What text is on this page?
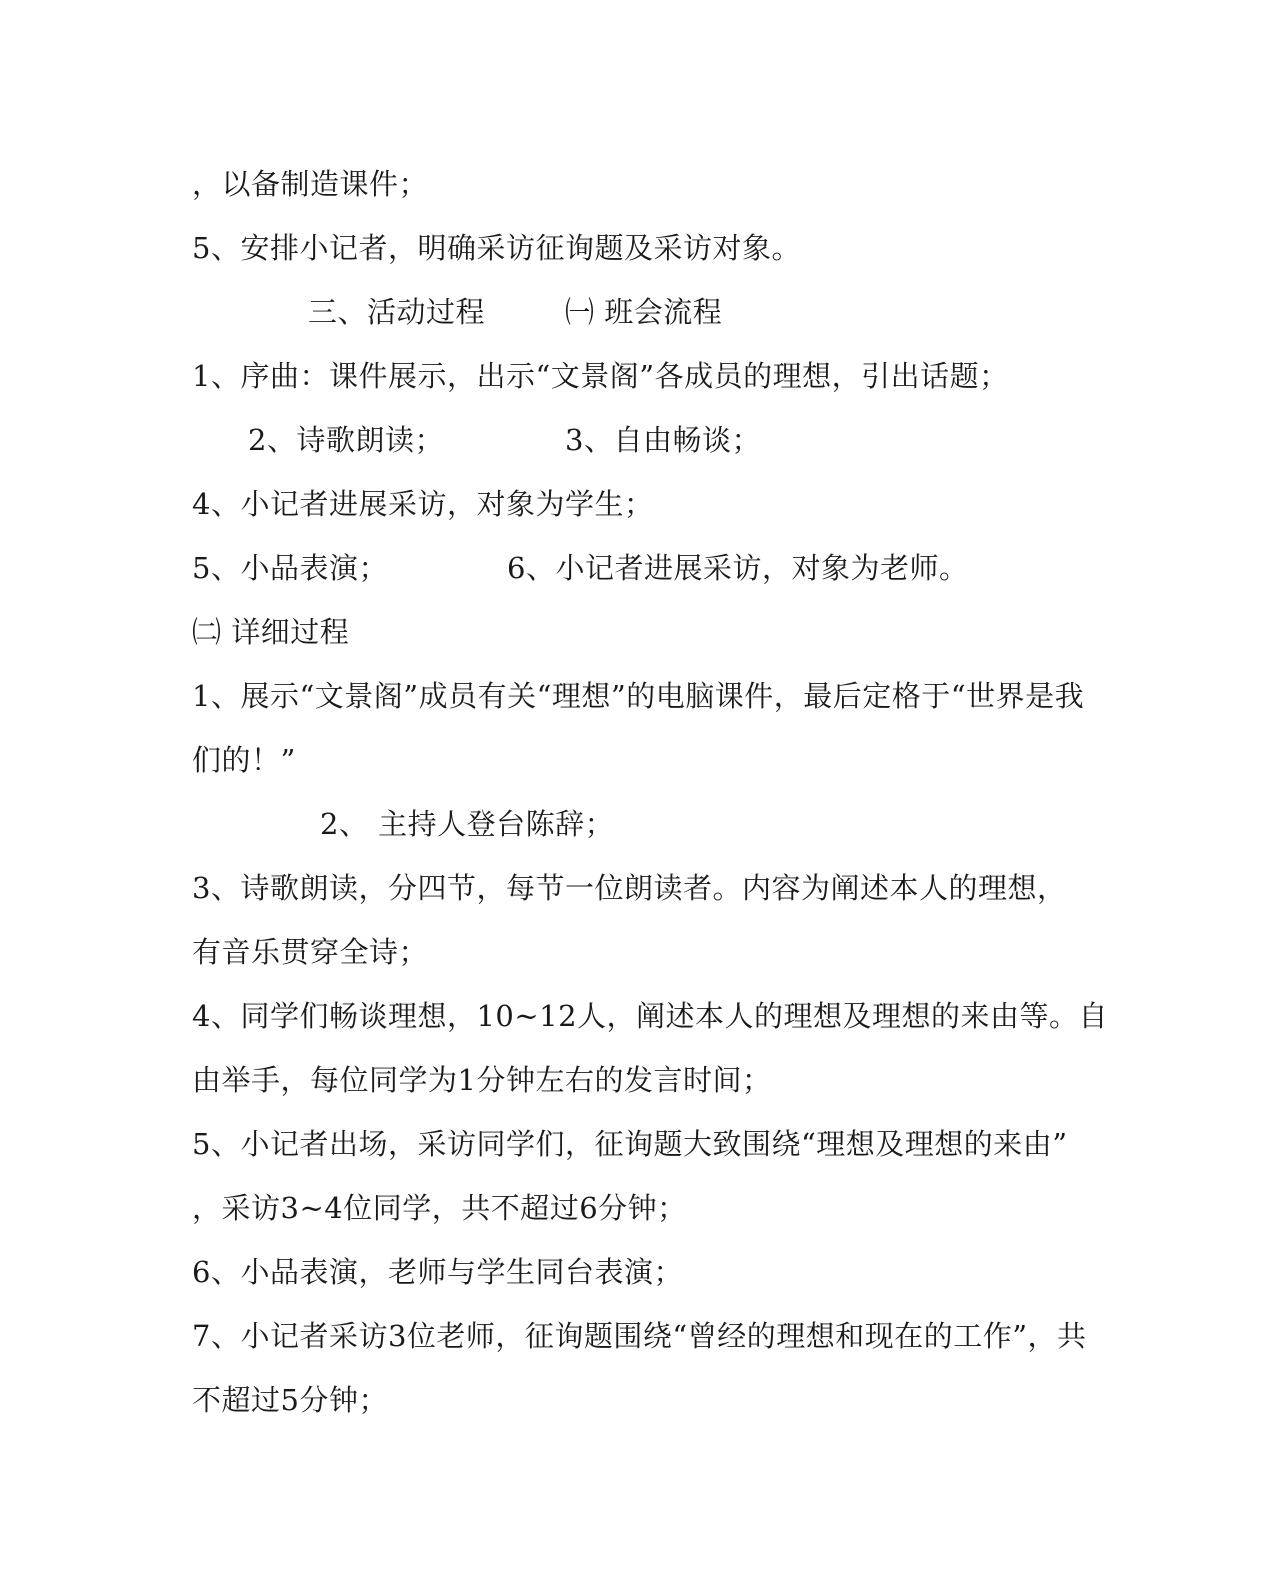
，以备制造课件；
5、安排小记者，明确采访征询题及采访对象。
三、活动过程	㈠ 班会流程
1、序曲：课件展示，出示“文景阁”各成员的理想，引出话题；
2、诗歌朗读；	3、自由畅谈；
4、小记者进展采访，对象为学生；
5、小品表演；	6、小记者进展采访，对象为老师。
㈡ 详细过程
1、展示“文景阁”成员有关“理想”的电脑课件，最后定格于“世界是我
们的！”
2、 主持人登台陈辞；
3、诗歌朗读，分四节，每节一位朗读者。内容为阐述本人的理想，
有音乐贯穿全诗；
4、同学们畅谈理想，10~12人，阐述本人的理想及理想的来由等。自
由举手，每位同学为1分钟左右的发言时间；
5、小记者出场，采访同学们，征询题大致围绕“理想及理想的来由”
，采访3~4位同学，共不超过6分钟；
6、小品表演，老师与学生同台表演；
7、小记者采访3位老师，征询题围绕“曾经的理想和现在的工作”，共
不超过5分钟；
